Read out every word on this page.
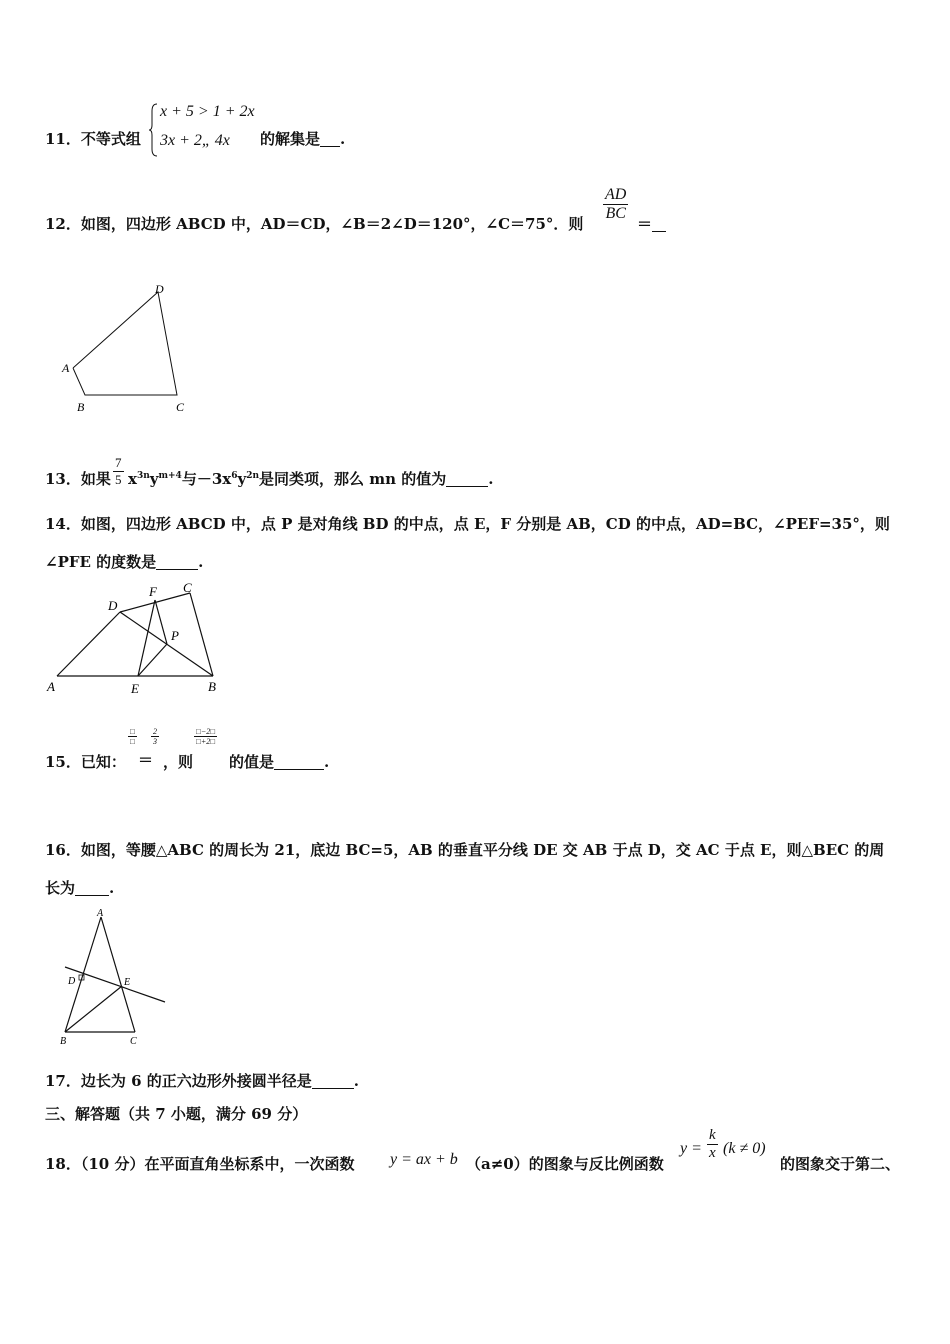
11．不等式组
x + 5 > 1 + 2x
3x + 2„ 4x 的解集是 .
12．如图，四边形 ABCD 中，AD＝CD，∠B＝2∠D＝120°，∠C＝75°．则
$\frac{AD}{BC}$
＝
D
A
B	C
13．如果 $\frac{7}{5} x^{3n}y^{m+4}$与$-3x^6y^{2n}$是同类项，那么 mn 的值为	.
14．如图，四边形 ABCD 中，点 P 是对角线 BD 的中点，点 E，F 分别是 AB，CD 的中点，AD=BC，∠PEF=35°，则
∠PFE 的度数是	.
D
F C
P
A	E	B
15．已知：
□
□
＝
$\frac{2}{3}$
，则
$\frac{□-2□}{□+2□}$
的值是	.
16．如图，等腰△ABC 的周长为 21，底边 BC=5，AB 的垂直平分线 DE 交 AB 于点 D，交 AC 于点 E，则△BEC 的周
长为 .
A
D	E
B	C
17．边长为 6 的正六边形外接圆半径是	.
三、解答题（共 7 小题，满分 69 分）
18．（10 分）在平面直角坐标系中，一次函数 y = ax + b （a≠0）的图象与反比例函数
$y = \frac{k}{x} (k \ne 0)$
的图象交于第二、
